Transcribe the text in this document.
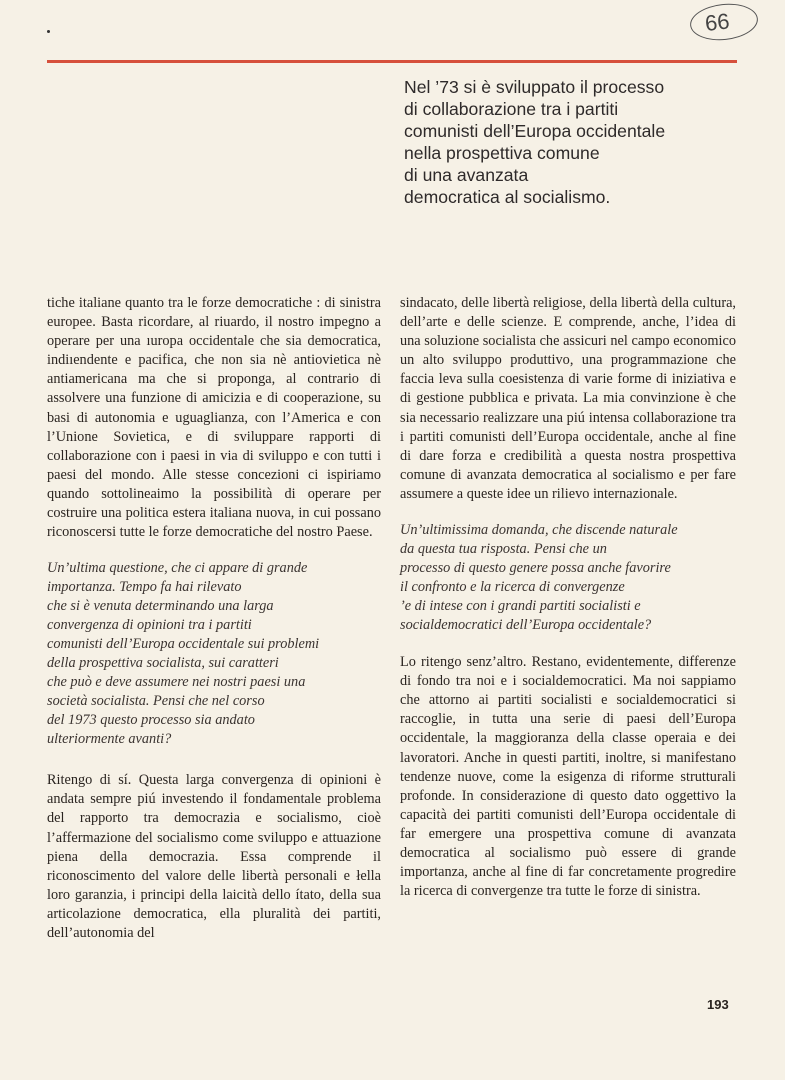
66
Nel ’73 si è sviluppato il processo
di collaborazione tra i partiti
comunisti dell’Europa occidentale
nella prospettiva comune
di una avanzata
democratica al socialismo.

tiche italiane quanto tra le forze democratiche : di sinistra europee. Basta ricordare, al riuardo, il nostro impegno a operare per una ıuropa occidentale che sia democratica, indiıendente e pacifica, che non sia nè antiovietica nè antiamericana ma che si proponga, al contrario di assolvere una funzione di amicizia e di cooperazione, su basi di autonomia e uguaglianza, con l’America e con l’Unione Sovietica, e di sviluppare rapporti di collaborazione con i paesi in via di sviluppo e con tutti i paesi del mondo. Alle stesse concezioni ci ispiriamo quando sottolineaimo la possibilità di operare per costruire una politica estera italiana nuova, in cui possano riconoscersi tutte le forze democratiche del nostro Paese.

Un’ultima questione, che ci appare di grande
importanza. Tempo fa hai rilevato
che si è venuta determinando una larga
convergenza di opinioni tra i partiti
comunisti dell’Europa occidentale sui problemi
della prospettiva socialista, sui caratteri
che può e deve assumere nei nostri paesi una
società socialista. Pensi che nel corso
del 1973 questo processo sia andato
ulteriormente avanti?

Ritengo di sí. Questa larga convergenza di opinioni è andata sempre piú investendo il fondamentale problema del rapporto tra democrazia e socialismo, cioè l’affermazione del socialismo come sviluppo e attuazione piena della democrazia. Essa comprende il riconoscimento del valore delle libertà personali e łella loro garanzia, i principi della laicità dello ítato, della sua articolazione democratica, ella pluralità dei partiti, dell’autonomia del

sindacato, delle libertà religiose, della libertà della cultura, dell’arte e delle scienze. E comprende, anche, l’idea di una soluzione socialista che assicuri nel campo economico un alto sviluppo produttivo, una programmazione che faccia leva sulla coesistenza di varie forme di iniziativa e di gestione pubblica e privata. La mia convinzione è che sia necessario realizzare una piú intensa collaborazione tra i partiti comunisti dell’Europa occidentale, anche al fine di dare forza e credibilità a questa nostra prospettiva comune di avanzata democratica al socialismo e per fare assumere a queste idee un rilievo internazionale.

Un’ultimissima domanda, che discende naturale
da questa tua risposta. Pensi che un
processo di questo genere possa anche favorire
il confronto e la ricerca di convergenze
’e di intese con i grandi partiti socialisti e
socialdemocratici dell’Europa occidentale?

Lo ritengo senz’altro. Restano, evidentemente, differenze di fondo tra noi e i socialdemocratici. Ma noi sappiamo che attorno ai partiti socialisti e socialdemocratici si raccoglie, in tutta una serie di paesi dell’Europa occidentale, la maggioranza della classe operaia e dei lavoratori. Anche in questi partiti, inoltre, si manifestano tendenze nuove, come la esigenza di riforme strutturali profonde. In considerazione di questo dato oggettivo la capacità dei partiti comunisti dell’Europa occidentale di far emergere una prospettiva comune di avanzata democratica al socialismo può essere di grande importanza, anche al fine di far concretamente progredire la ricerca di convergenze tra tutte le forze di sinistra.

193
